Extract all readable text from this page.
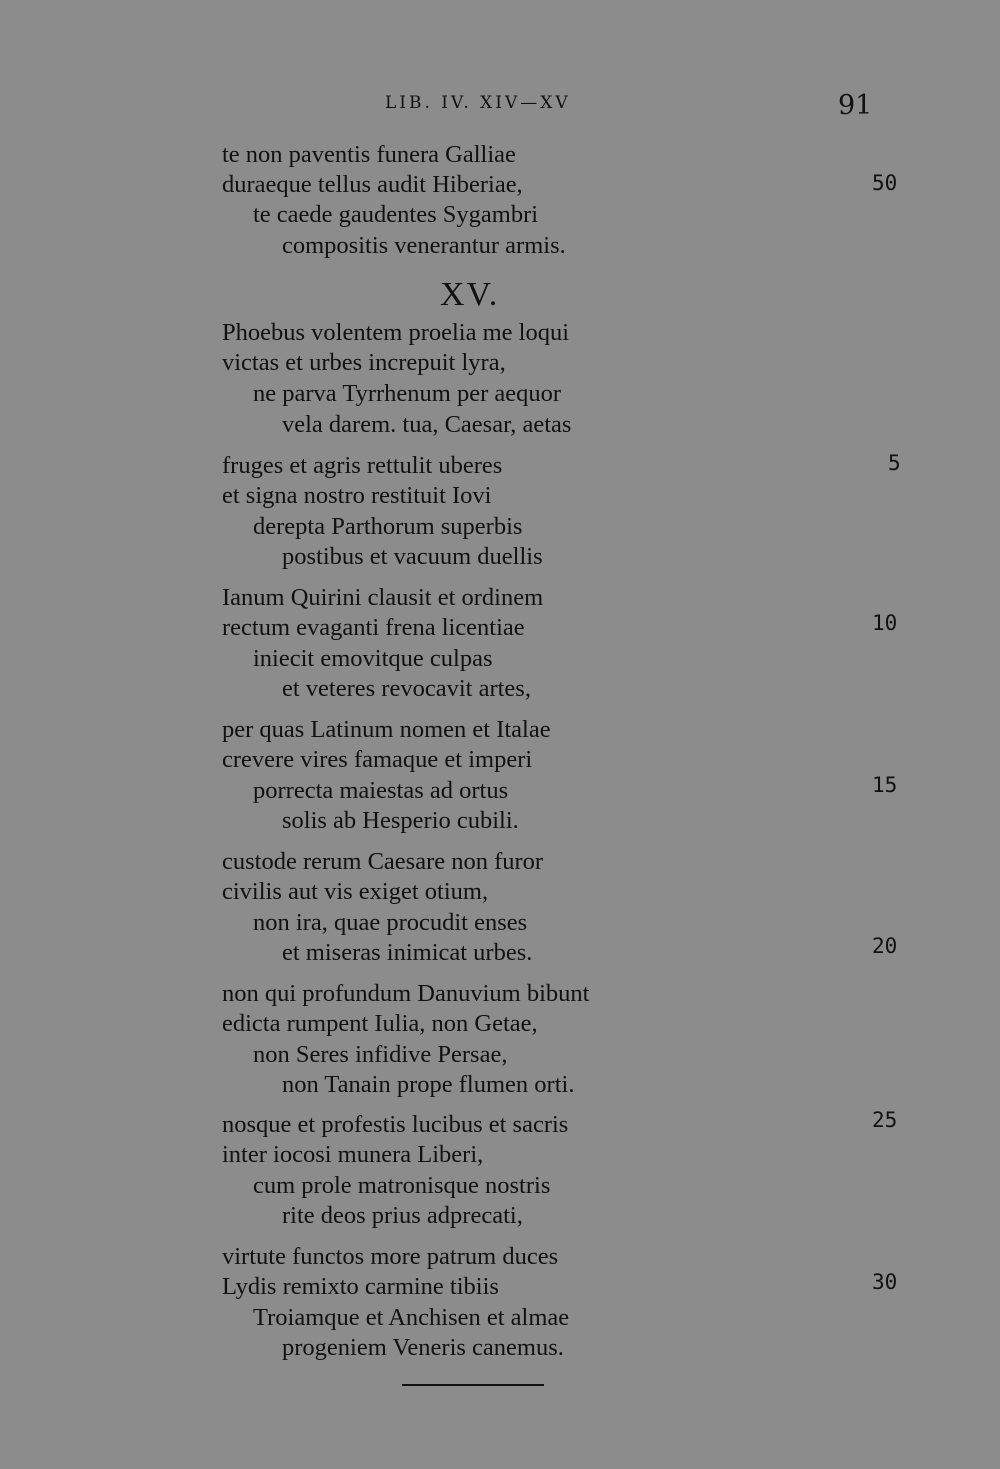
LIB. IV. XIV—XV	91
te non paventis funera Galliae
duraeque tellus audit Hiberiae,
te caede gaudentes Sygambri
compositis venerantur armis.
XV.
Phoebus volentem proelia me loqui
victas et urbes increpuit lyra,
ne parva Tyrrhenum per aequor
vela darem. tua, Caesar, aetas
fruges et agris rettulit uberes
et signa nostro restituit Iovi
derepta Parthorum superbis
postibus et vacuum duellis
Ianum Quirini clausit et ordinem
rectum evaganti frena licentiae
iniecit emovitque culpas
et veteres revocavit artes,
per quas Latinum nomen et Italae
crevere vires famaque et imperi
porrecta maiestas ad ortus
solis ab Hesperio cubili.
custode rerum Caesare non furor
civilis aut vis exiget otium,
non ira, quae procudit enses
et miseras inimicat urbes.
non qui profundum Danuvium bibunt
edicta rumpent Iulia, non Getae,
non Seres infidive Persae,
non Tanain prope flumen orti.
nosque et profestis lucibus et sacris
inter iocosi munera Liberi,
cum prole matronisque nostris
rite deos prius adprecati,
virtute functos more patrum duces
Lydis remixto carmine tibiis
Troiamque et Anchisen et almae
progeniem Veneris canemus.
50
5
10
15
20
25
30
